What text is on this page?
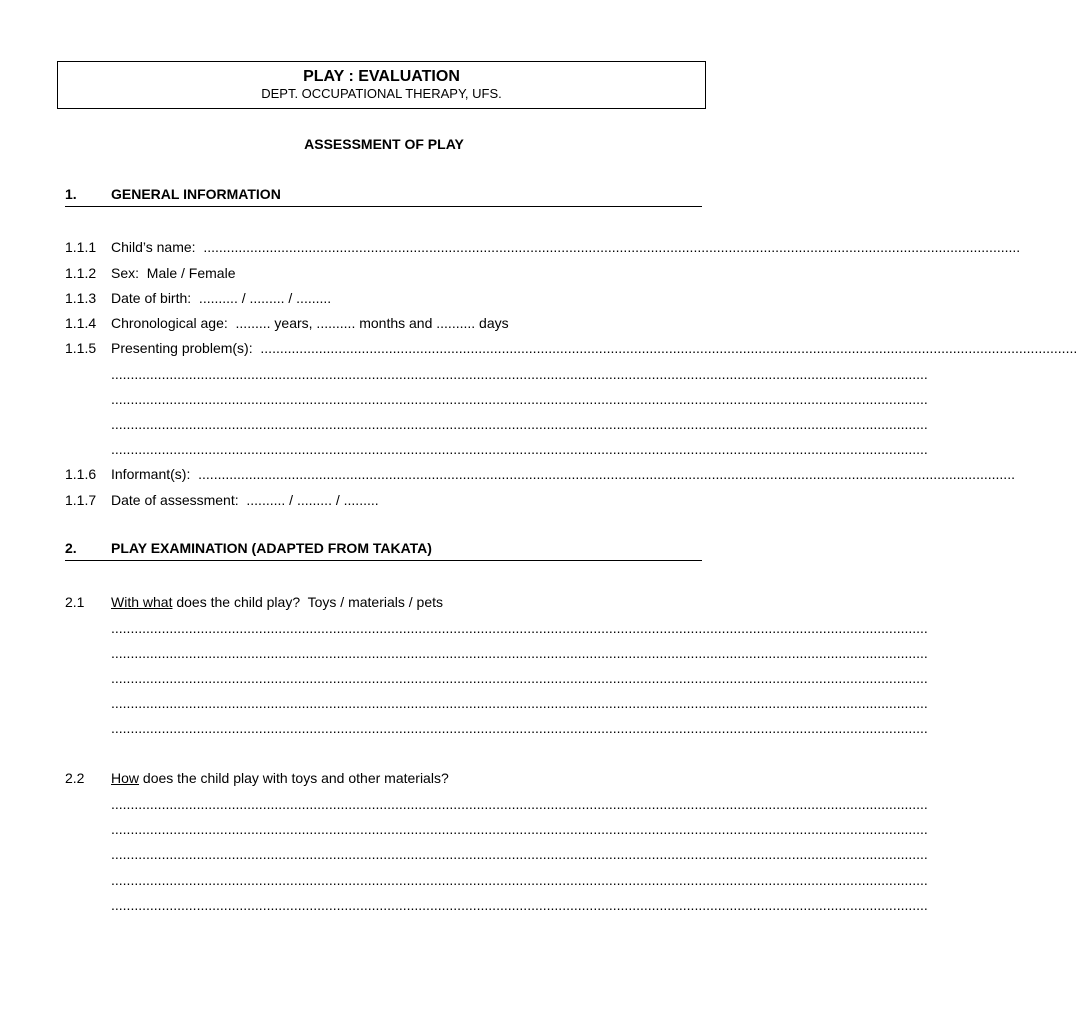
PLAY : EVALUATION
DEPT. OCCUPATIONAL THERAPY, UFS.
ASSESSMENT OF PLAY
1. GENERAL INFORMATION
1.1.1 Child’s name: ..................................................................................................................................................................................................................
1.1.2 Sex:  Male / Female
1.1.3 Date of birth:  .......... / ......... / .........
1.1.4 Chronological age:  ......... years, .......... months and .......... days
1.1.5 Presenting problem(s): ..................................................................................................................................................................................................................
..................................................................................................................................................................................................................
..................................................................................................................................................................................................................
..................................................................................................................................................................................................................
..................................................................................................................................................................................................................
1.1.6 Informant(s): ..................................................................................................................................................................................................................
1.1.7 Date of assessment:  .......... / ......... / .........
2. PLAY EXAMINATION (ADAPTED FROM TAKATA)
2.1 With what does the child play?  Toys / materials / pets
..................................................................................................................................................................................................................
..................................................................................................................................................................................................................
..................................................................................................................................................................................................................
..................................................................................................................................................................................................................
..................................................................................................................................................................................................................
2.2 How does the child play with toys and other materials?
..................................................................................................................................................................................................................
..................................................................................................................................................................................................................
..................................................................................................................................................................................................................
..................................................................................................................................................................................................................
..................................................................................................................................................................................................................
